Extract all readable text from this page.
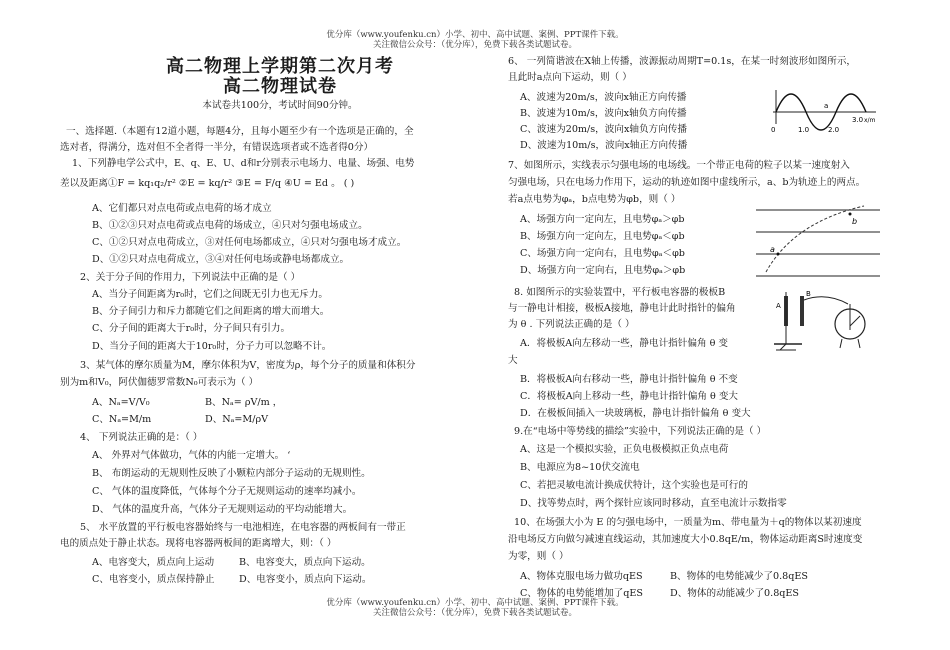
优分库（www.youfenku.cn）小学、初中、高中试题、案例、PPT课件下载。
关注微信公众号：（优分库），免费下载各类试题试卷。
高二物理上学期第二次月考
高二物理试卷
本试卷共100分，考试时间90分钟。
一、选择题.（本题有12道小题，每题4分，且每小题至少有一个选项是正确的，全
选对者，得满分，选对但不全者得一半分，有错误选项者或不选者得0分）
1、下列静电学公式中，E、q、E、U、d和r分别表示电场力、电量、场强、电势
差以及距离①F = kq₁q₂/r² ②E = kq/r² ③E = F/q ④U = Ed 。 ( )
A、它们都只对点电荷或点电荷的场才成立
B、①②③只对点电荷或点电荷的场成立，④只对匀强电场成立。
C、①②只对点电荷成立，③对任何电场都成立，④只对匀强电场才成立。
D、①②只对点电荷成立，③④对任何电场或静电场都成立。
2、关于分子间的作用力，下列说法中正确的是（ ）
A、当分子间距离为r₀时，它们之间既无引力也无斥力。
B、分子间引力和斥力都随它们之间距离的增大而增大。
C、分子间的距离大于r₀时，分子间只有引力。
D、当分子间的距离大于10r₀时，分子力可以忽略不计。
3、某气体的摩尔质量为M，摩尔体积为V，密度为ρ，每个分子的质量和体积分
别为m和V₀，阿伏伽德罗常数N₀可表示为（ ）
A、Nₐ=V/V₀	B、Nₐ= ρV/m ，
C、Nₐ=M/m	D、Nₐ=M/ρV
4、 下列说法正确的是：（ ）
A、 外界对气体做功，气体的内能一定增大。 ‘
B、 布朗运动的无规则性反映了小颗粒内部分子运动的无规则性。
C、 气体的温度降低，气体每个分子无规则运动的速率均减小。
D、 气体的温度升高，气体分子无规则运动的平均动能增大。
5、 水平放置的平行板电容器始终与一电池相连，在电容器的两板间有一带正
电的质点处于静止状态。现将电容器两板间的距离增大，则：（ ）
A、电容变大，质点向上运动	B、电容变大，质点向下运动。
C、电容变小，质点保持静止	D、电容变小，质点向下运动。
6、 一列简谐波在X轴上传播，波源振动周期T=0.1s，在某一时刻波形如图所示，
且此时a点向下运动，则（ ）
A、波速为20m/s，波向x轴正方向传播
B、波速为10m/s，波向x轴负方向传播
C、波速为20m/s，波向x轴负方向传播
D、波速为10m/s，波向x轴正方向传播
7、如图所示，实线表示匀强电场的电场线。一个带正电荷的粒子以某一速度射入
匀强电场，只在电场力作用下，运动的轨迹如图中虚线所示，a、b为轨迹上的两点。
若a点电势为φₐ，b点电势为φb，则（ ）
A、场强方向一定向左，且电势φₐ＞φb
B、场强方向一定向左，且电势φₐ＜φb
C、场强方向一定向右，且电势φₐ＜φb
D、场强方向一定向右，且电势φₐ＞φb
8. 如图所示的实验装置中，平行板电容器的极板B
与一静电计相接，极板A接地，静电计此时指针的偏角
为 θ . 下列说法正确的是（ ）
A．将极板A向左移动一些，静电计指针偏角 θ 变
大
B．将极板A向右移动一些，静电计指针偏角 θ 不变
C．将极板A向上移动一些，静电计指针偏角 θ 变大
D．在极板间插入一块玻璃板，静电计指针偏角 θ 变大
9.在“电场中等势线的描绘”实验中，下列说法正确的是（ ）
A、这是一个模拟实验，正负电极模拟正负点电荷
B、电源应为8~10伏交流电
C、若把灵敏电流计换成伏特计，这个实验也是可行的
D、找等势点时，两个探针应该同时移动，直至电流计示数指零
10、在场强大小为 E 的匀强电场中，一质量为m、带电量为＋q的物体以某初速度
沿电场反方向做匀减速直线运动，其加速度大小0.8qE/m，物体运动距离S时速度变
为零，则（ ）
A、物体克服电场力做功qES	B、物体的电势能减少了0.8qES
C、物体的电势能增加了qES	D、物体的动能减少了0.8qES
0	1.0	2.0
3.0 x/m
a
a
b
A
B
优分库（www.youfenku.cn）小学、初中、高中试题、案例、PPT课件下载。
关注微信公众号：（优分库），免费下载各类试题试卷。
